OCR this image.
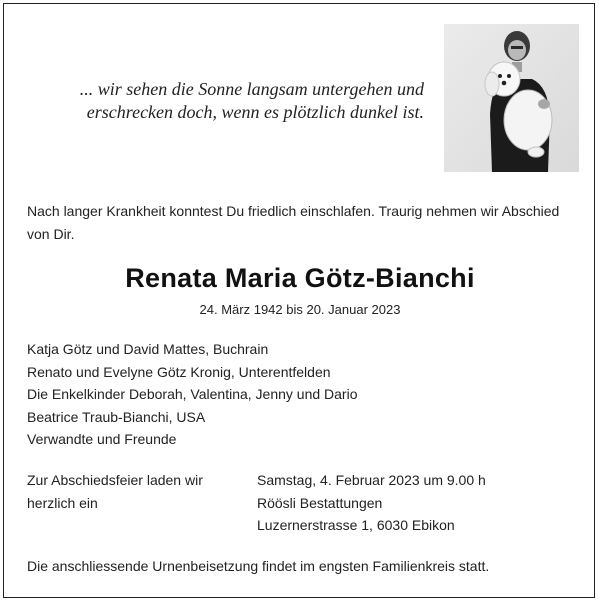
... wir sehen die Sonne langsam untergehen und
erschrecken doch, wenn es plötzlich dunkel ist.
Nach langer Krankheit konntest Du friedlich einschlafen. Traurig nehmen wir Abschied von Dir.
Renata Maria Götz-Bianchi
24. März 1942 bis 20. Januar 2023
Katja Götz und David Mattes, Buchrain
Renato und Evelyne Götz Kronig, Unterentfelden
Die Enkelkinder Deborah, Valentina, Jenny und Dario
Beatrice Traub-Bianchi, USA
Verwandte und Freunde
Zur Abschiedsfeier laden wir
herzlich ein
Samstag, 4. Februar 2023 um 9.00 h
Röösli Bestattungen
Luzernerstrasse 1, 6030 Ebikon
Die anschliessende Urnenbeisetzung findet im engsten Familienkreis statt.
